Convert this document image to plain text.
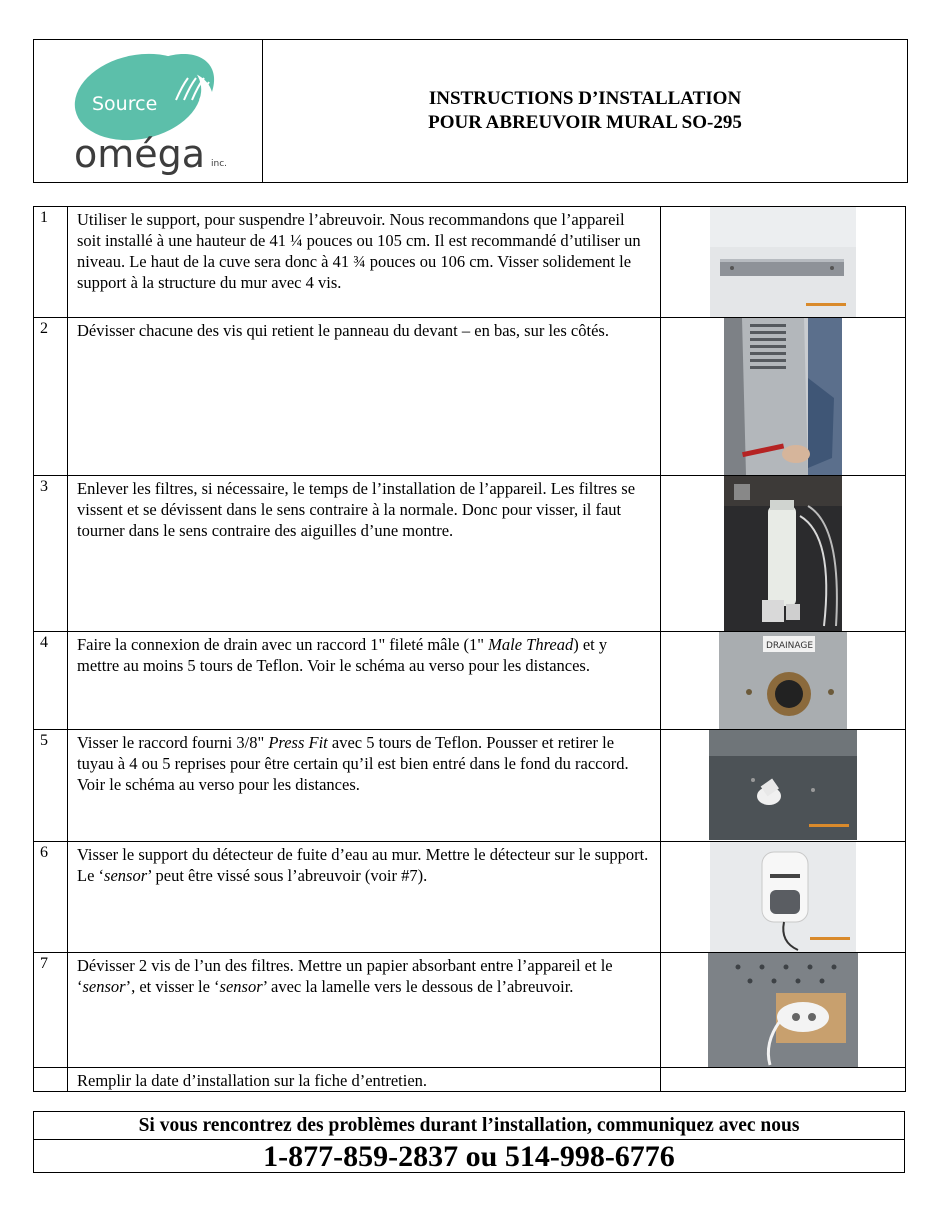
Source
oméga inc.
INSTRUCTIONS D’INSTALLATION
POUR ABREUVOIR MURAL SO-295
1	Utiliser le support, pour suspendre l’abreuvoir. Nous recommandons que l’appareil soit installé à une hauteur de 41 ¼ pouces ou 105 cm. Il est recommandé d’utiliser un niveau. Le haut de la cuve sera donc à 41 ¾ pouces ou 106 cm. Visser solidement le support à la structure du mur avec 4 vis.	

2	Dévisser chacune des vis qui retient le panneau du devant – en bas, sur les côtés.	

3	Enlever les filtres, si nécessaire, le temps de l’installation de l’appareil. Les filtres se vissent et se dévissent dans le sens contraire à la normale. Donc pour visser, il faut tourner dans le sens contraire des aiguilles d’une montre.	

4	Faire la connexion de drain avec un raccord 1" fileté mâle (1" Male Thread) et y mettre au moins 5 tours de Teflon. Voir le schéma au verso pour les distances.	DRAINAGE

5	Visser le raccord fourni 3/8" Press Fit avec 5 tours de Teflon. Pousser et retirer le tuyau à 4 ou 5 reprises pour être certain qu’il est bien entré dans le fond du raccord. Voir le schéma au verso pour les distances.	

6	Visser le support du détecteur de fuite d’eau au mur. Mettre le détecteur sur le support. Le ‘sensor’ peut être vissé sous l’abreuvoir (voir #7).	

7	Dévisser 2 vis de l’un des filtres. Mettre un papier absorbant entre l’appareil et le ‘sensor’, et visser le ‘sensor’ avec la lamelle vers le dessous de l’abreuvoir.	

	Remplir la date d’installation sur la fiche d’entretien.	
Si vous rencontrez des problèmes durant l’installation, communiquez avec nous
1-877-859-2837 ou 514-998-6776
